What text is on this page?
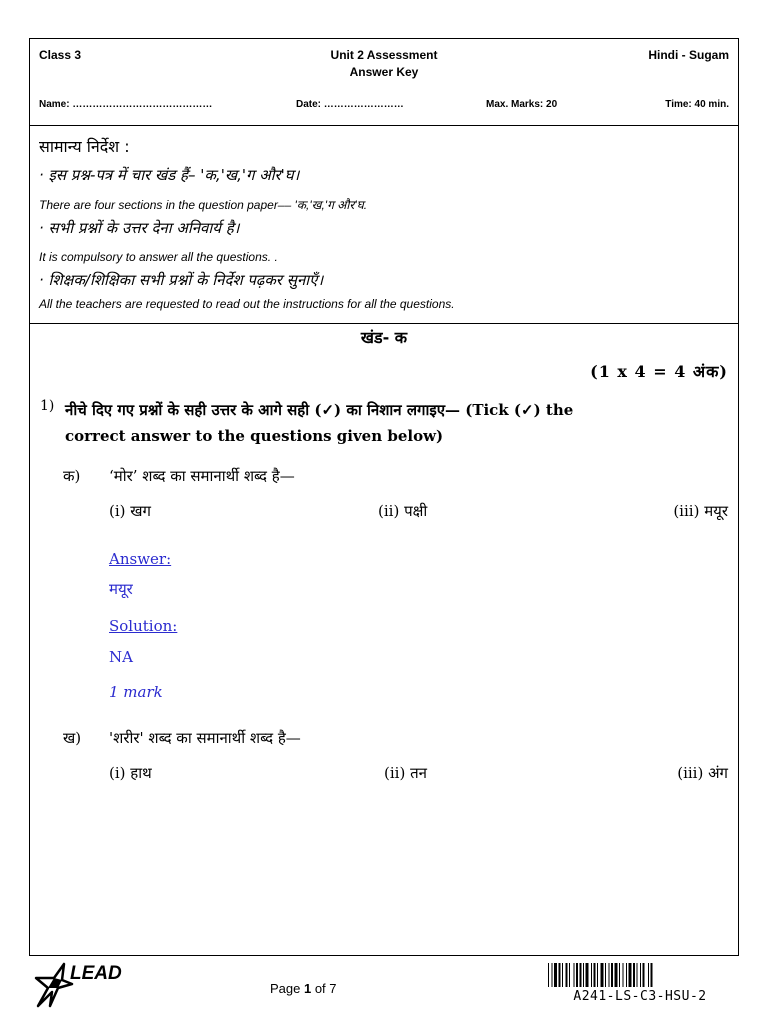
Class 3	Unit 2 Assessment
Answer Key
Hindi - Sugam
Name: ……………………………………	Date: ……………………	Max. Marks: 20	Time: 40 min.
सामान्य निर्देश :
· इस प्रश्न-पत्र में चार खंड हैं– 'क,'ख,'ग और'घ।
There are four sections in the question paper–– 'क,'ख,'ग और'घ.
· सभी प्रश्नों के उत्तर देना अनिवार्य है।
It is compulsory to answer all the questions. .
· शिक्षक/शिक्षिका सभी प्रश्नों के निर्देश पढ़कर सुनाएँ।
All the teachers are requested to read out the instructions for all the questions.
खंड- क
(1 x 4 = 4 अंक)
1) नीचे दिए गए प्रश्नों के सही उत्तर के आगे सही (✓) का निशान लगाइए— (Tick (✓) the
correct answer to the questions given below)
क) ‘मोर’ शब्द का समानार्थी शब्द है—
(i) खग	(ii) पक्षी	(iii) मयूर
Answer:
मयूर
Solution:
NA
1 mark
ख) 'शरीर' शब्द का समानार्थी शब्द है—
(i) हाथ	(ii) तन	(iii) अंग
LEAD
Page 1 of 7
A241-LS-C3-HSU-2
